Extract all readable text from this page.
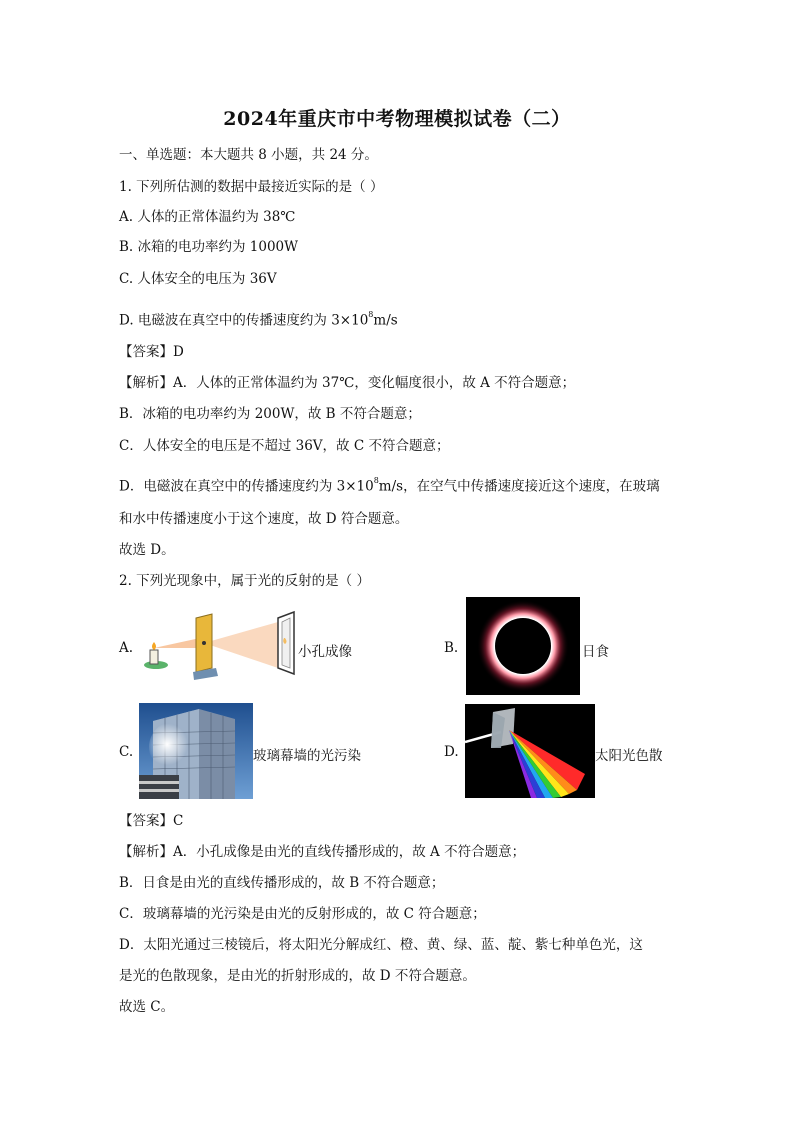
2024年重庆市中考物理模拟试卷（二）
一、单选题：本大题共 8 小题，共 24 分。
1. 下列所估测的数据中最接近实际的是（ ）
A. 人体的正常体温约为 38℃
B. 冰箱的电功率约为 1000W
C. 人体安全的电压为 36V
D. 电磁波在真空中的传播速度约为 $3\times 10^8m/s$
【答案】D
【解析】A．人体的正常体温约为 37℃，变化幅度很小，故 A 不符合题意；
B．冰箱的电功率约为 200W，故 B 不符合题意；
C．人体安全的电压是不超过 36V，故 C 不符合题意；
D．电磁波在真空中的传播速度约为 $3\times 10^8m/s$，在空气中传播速度接近这个速度，在玻璃
和水中传播速度小于这个速度，故 D 符合题意。
故选 D。
2. 下列光现象中，属于光的反射的是（ ）
A.	小孔成像	B.	日食
C.	玻璃幕墙的光污染	D.	太阳光色散
【答案】C
【解析】A．小孔成像是由光的直线传播形成的，故 A 不符合题意；
B．日食是由光的直线传播形成的，故 B 不符合题意；
C．玻璃幕墙的光污染是由光的反射形成的，故 C 符合题意；
D．太阳光通过三棱镜后，将太阳光分解成红、橙、黄、绿、蓝、靛、紫七种单色光，这
是光的色散现象，是由光的折射形成的，故 D 不符合题意。
故选 C。
